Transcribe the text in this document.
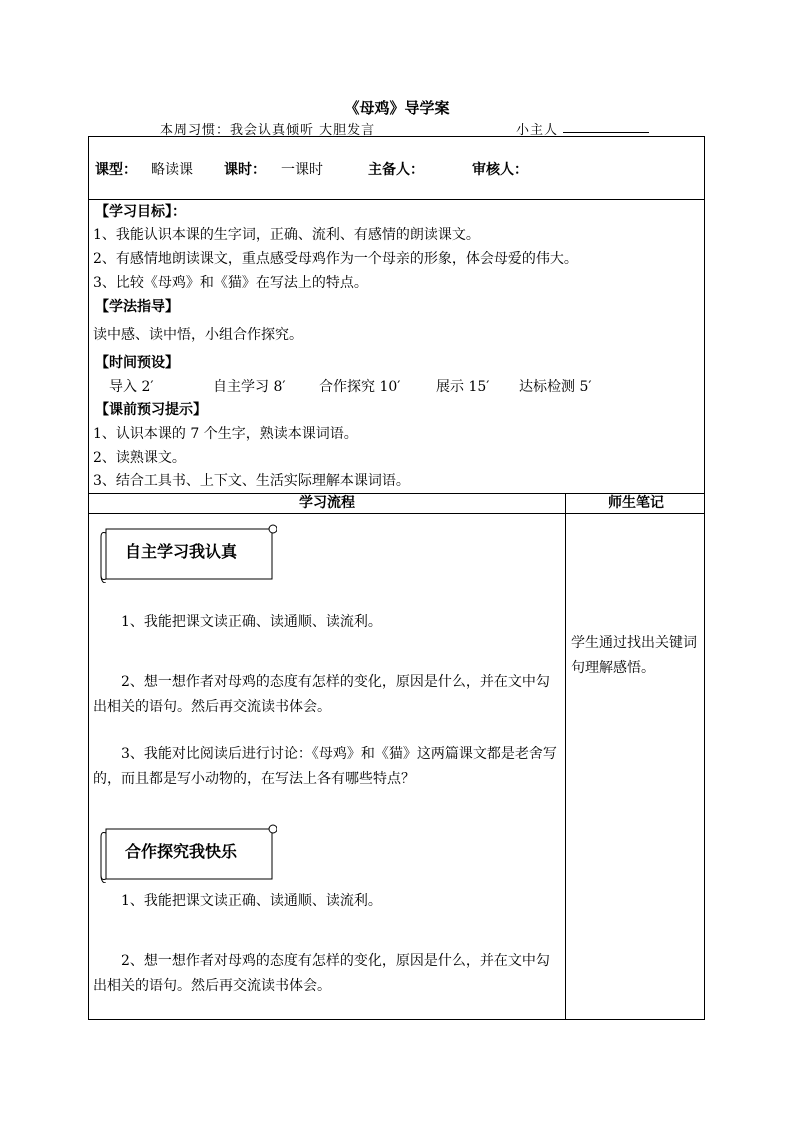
《母鸡》导学案
本周习惯：我会认真倾听 大胆发言	小主人
课型： 略读课 课时： 一课时	主备人：	审核人：
【学习目标】：
1、我能认识本课的生字词，正确、流利、有感情的朗读课文。
2、有感情地朗读课文，重点感受母鸡作为一个母亲的形象，体会母爱的伟大。
3、比较《母鸡》和《猫》在写法上的特点。
【学法指导】
读中感、读中悟，小组合作探究。
【时间预设】
导入 2′	自主学习 8′ 合作探究 10′	展示 15′ 达标检测 5′
【课前预习提示】
1、认识本课的 7 个生字，熟读本课词语。
2、读熟课文。
3、结合工具书、上下文、生活实际理解本课词语。
学习流程	师生笔记
自主学习我认真
1、我能把课文读正确、读通顺、读流利。
2、想一想作者对母鸡的态度有怎样的变化，原因是什么，并在文中勾出相关的语句。然后再交流读书体会。
3、我能对比阅读后进行讨论：《母鸡》和《猫》这两篇课文都是老舍写的，而且都是写小动物的，在写法上各有哪些特点？
合作探究我快乐
1、我能把课文读正确、读通顺、读流利。
2、想一想作者对母鸡的态度有怎样的变化，原因是什么，并在文中勾出相关的语句。然后再交流读书体会。
学生通过找出关键词句理解感悟。
